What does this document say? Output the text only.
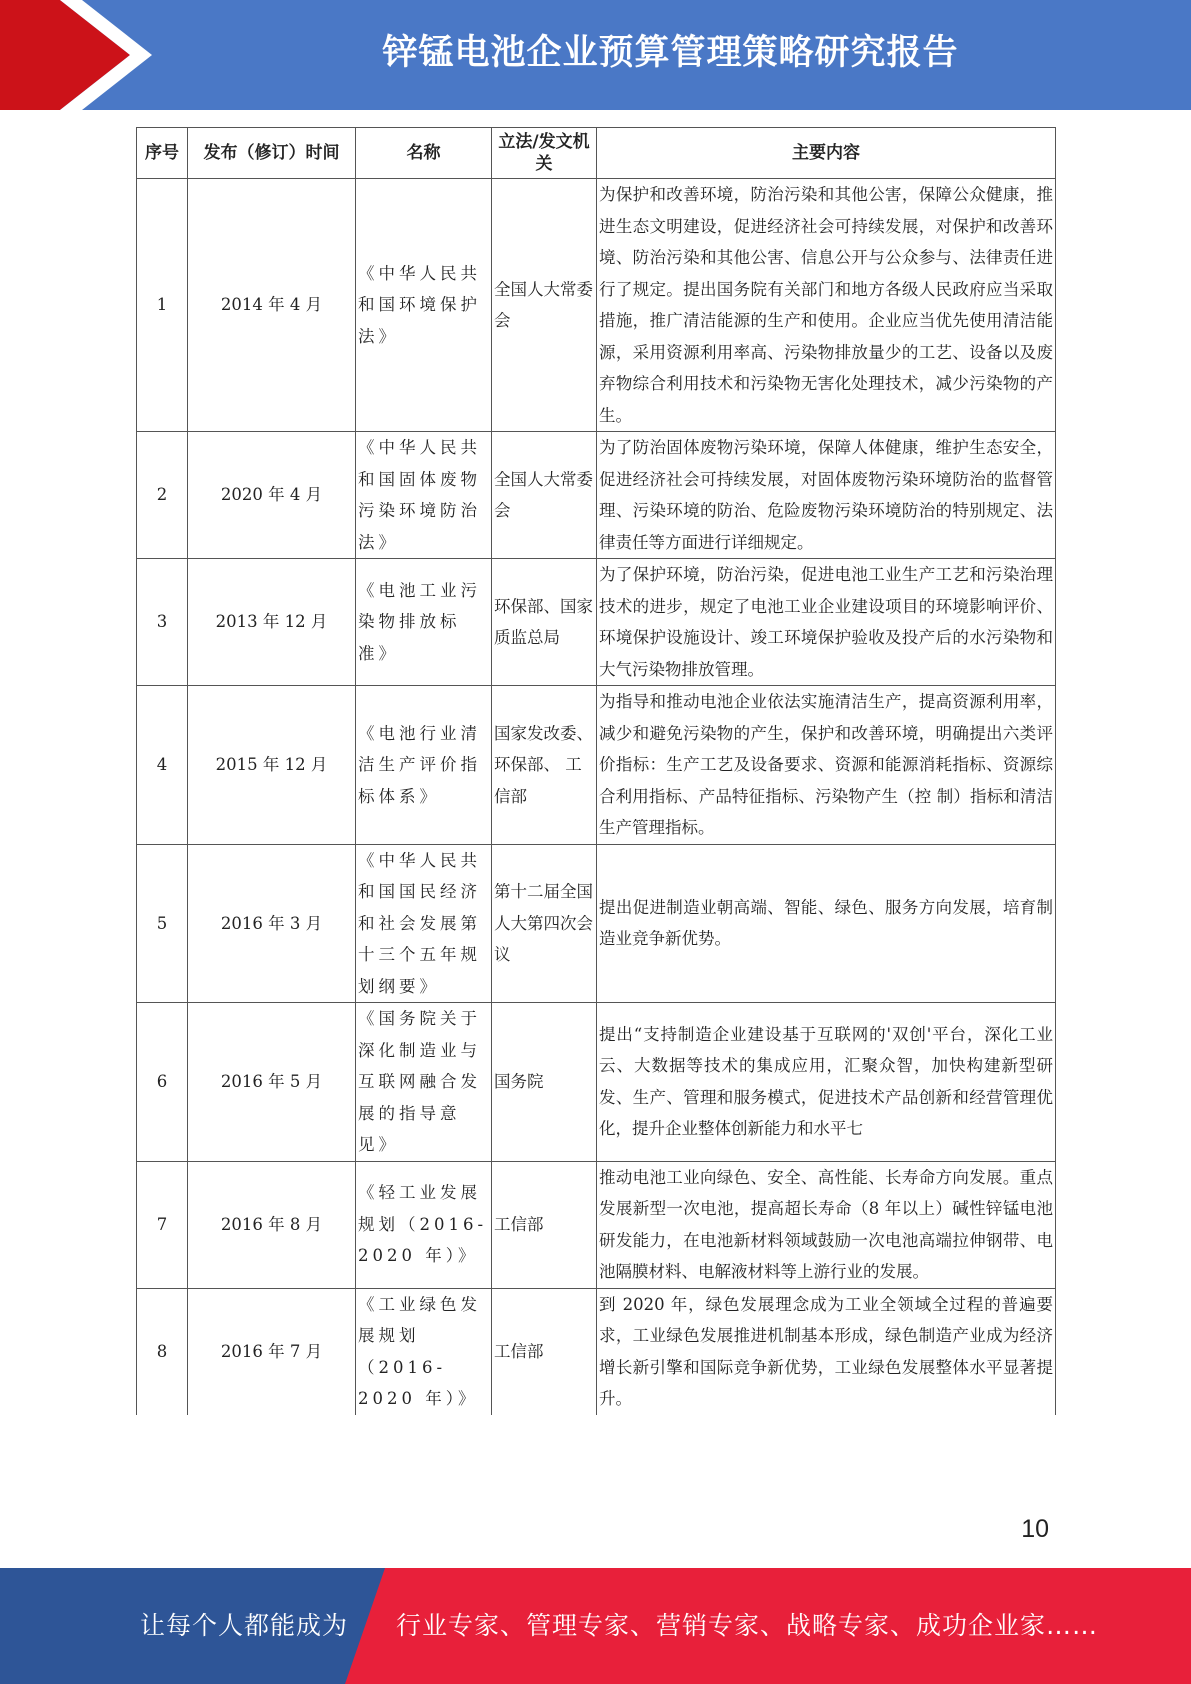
锌锰电池企业预算管理策略研究报告
序号	发布（修订）时间	名称	立法/发文机关	主要内容
1	2014 年 4 月	《中华人民共和国环境保护法》	全国人大常委会	为保护和改善环境，防治污染和其他公害，保障公众健康，推进生态文明建设，促进经济社会可持续发展，对保护和改善环境、防治污染和其他公害、信息公开与公众参与、法律责任进行了规定。提出国务院有关部门和地方各级人民政府应当采取措施，推广清洁能源的生产和使用。企业应当优先使用清洁能源，采用资源利用率高、污染物排放量少的工艺、设备以及废弃物综合利用技术和污染物无害化处理技术，减少污染物的产生。
2	2020 年 4 月	《中华人民共和国固体废物污染环境防治法》	全国人大常委会	为了防治固体废物污染环境，保障人体健康，维护生态安全，促进经济社会可持续发展，对固体废物污染环境防治的监督管理、污染环境的防治、危险废物污染环境防治的特别规定、法律责任等方面进行详细规定。
3	2013 年 12 月	《电池工业污染物排放标准》	环保部、国家质监总局	为了保护环境，防治污染，促进电池工业生产工艺和污染治理技术的进步，规定了电池工业企业建设项目的环境影响评价、环境保护设施设计、竣工环境保护验收及投产后的水污染物和大气污染物排放管理。
4	2015 年 12 月	《电池行业清洁生产评价指标体系》	国家发改委、环保部、 工信部	为指导和推动电池企业依法实施清洁生产，提高资源利用率，减少和避免污染物的产生，保护和改善环境，明确提出六类评价指标：生产工艺及设备要求、资源和能源消耗指标、资源综合利用指标、产品特征指标、污染物产生（控 制）指标和清洁生产管理指标。
5	2016 年 3 月	《中华人民共和国国民经济和社会发展第十三个五年规划纲要》	第十二届全国人大第四次会议	提出促进制造业朝高端、智能、绿色、服务方向发展，培育制造业竞争新优势。
6	2016 年 5 月	《国务院关于深化制造业与互联网融合发展的指导意见》	国务院	提出“支持制造企业建设基于互联网的'双创'平台，深化工业云、大数据等技术的集成应用，汇聚众智，加快构建新型研发、生产、管理和服务模式，促进技术产品创新和经营管理优化，提升企业整体创新能力和水平七
7	2016 年 8 月	《轻工业发展规划（2016-2020 年）》	工信部	推动电池工业向绿色、安全、高性能、长寿命方向发展。重点发展新型一次电池，提高超长寿命（8 年以上）碱性锌锰电池研发能力，在电池新材料领域鼓励一次电池高端拉伸钢带、电池隔膜材料、电解液材料等上游行业的发展。
8	2016 年 7 月	《工业绿色发展规划（2016-2020 年）》	工信部	到 2020 年，绿色发展理念成为工业全领域全过程的普遍要求，工业绿色发展推进机制基本形成，绿色制造产业成为经济增长新引擎和国际竞争新优势，工业绿色发展整体水平显著提升。
10
让每个人都能成为 行业专家、管理专家、营销专家、战略专家、成功企业家……
